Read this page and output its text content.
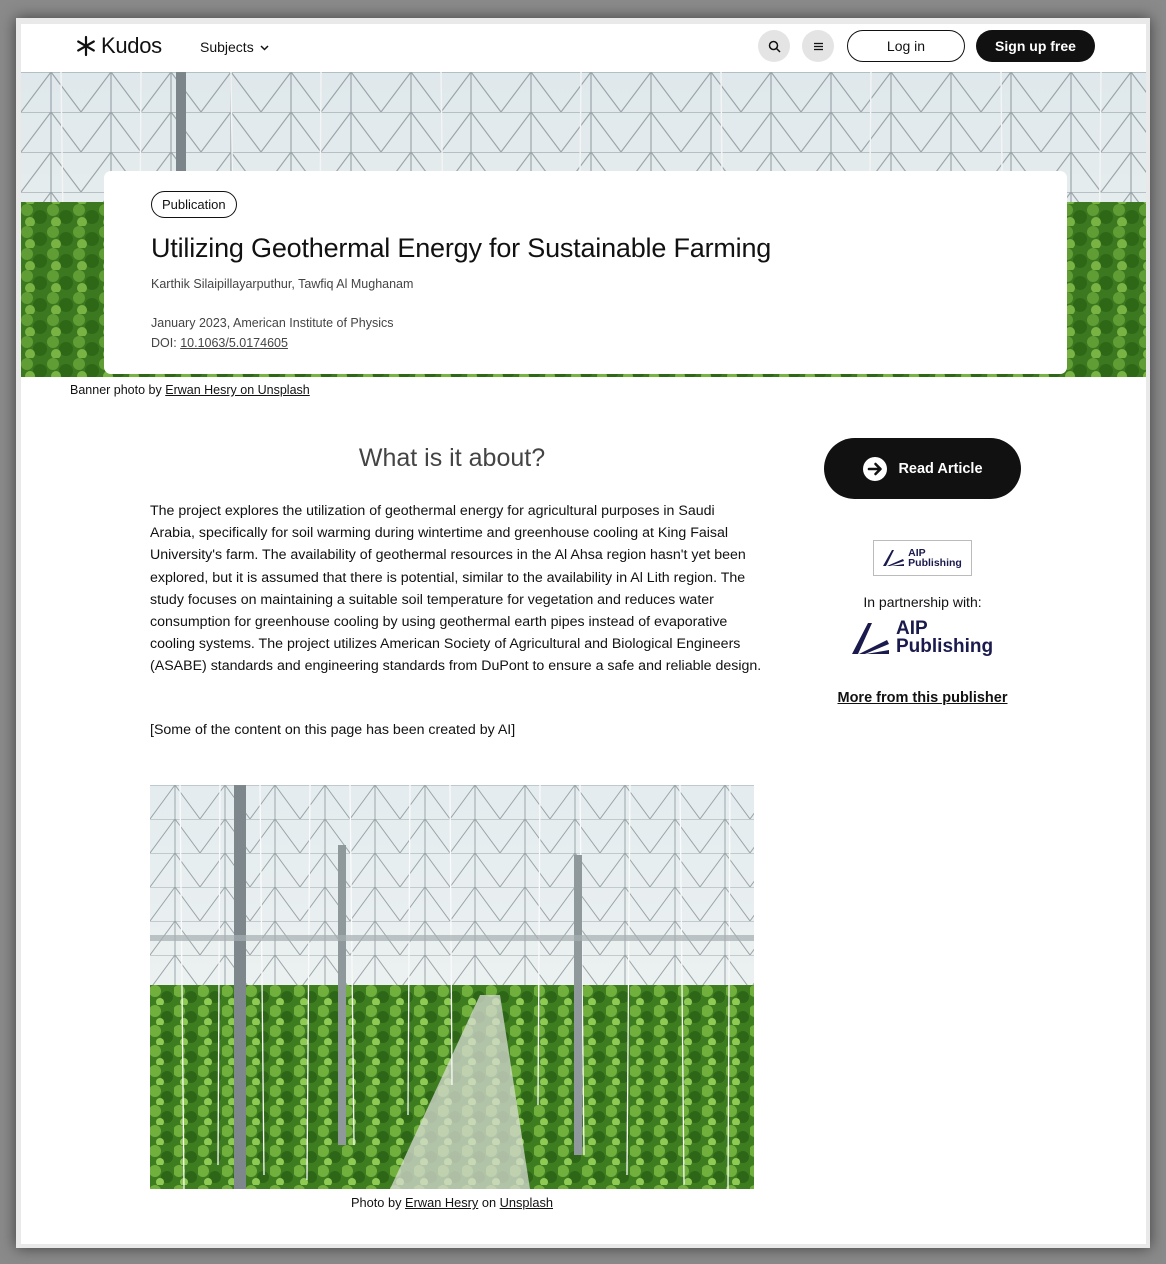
Kudos	Subjects	Log in	Sign up free
Publication
Utilizing Geothermal Energy for Sustainable Farming
Karthik Silaipillayarputhur, Tawfiq Al Mughanam
January 2023, American Institute of Physics
DOI: 10.1063/5.0174605
Banner photo by Erwan Hesry on Unsplash
What is it about?

The project explores the utilization of geothermal energy for agricultural purposes in Saudi Arabia, specifically for soil warming during wintertime and greenhouse cooling at King Faisal University's farm. The availability of geothermal resources in the Al Ahsa region hasn't yet been explored, but it is assumed that there is potential, similar to the availability in Al Lith region. The study focuses on maintaining a suitable soil temperature for vegetation and reduces water consumption for greenhouse cooling by using geothermal earth pipes instead of evaporative cooling systems. The project utilizes American Society of Agricultural and Biological Engineers (ASABE) standards and engineering standards from DuPont to ensure a safe and reliable design.

[Some of the content on this page has been created by AI]

Photo by Erwan Hesry on Unsplash
Read Article
AIP
Publishing
In partnership with:
AIP
Publishing
More from this publisher
